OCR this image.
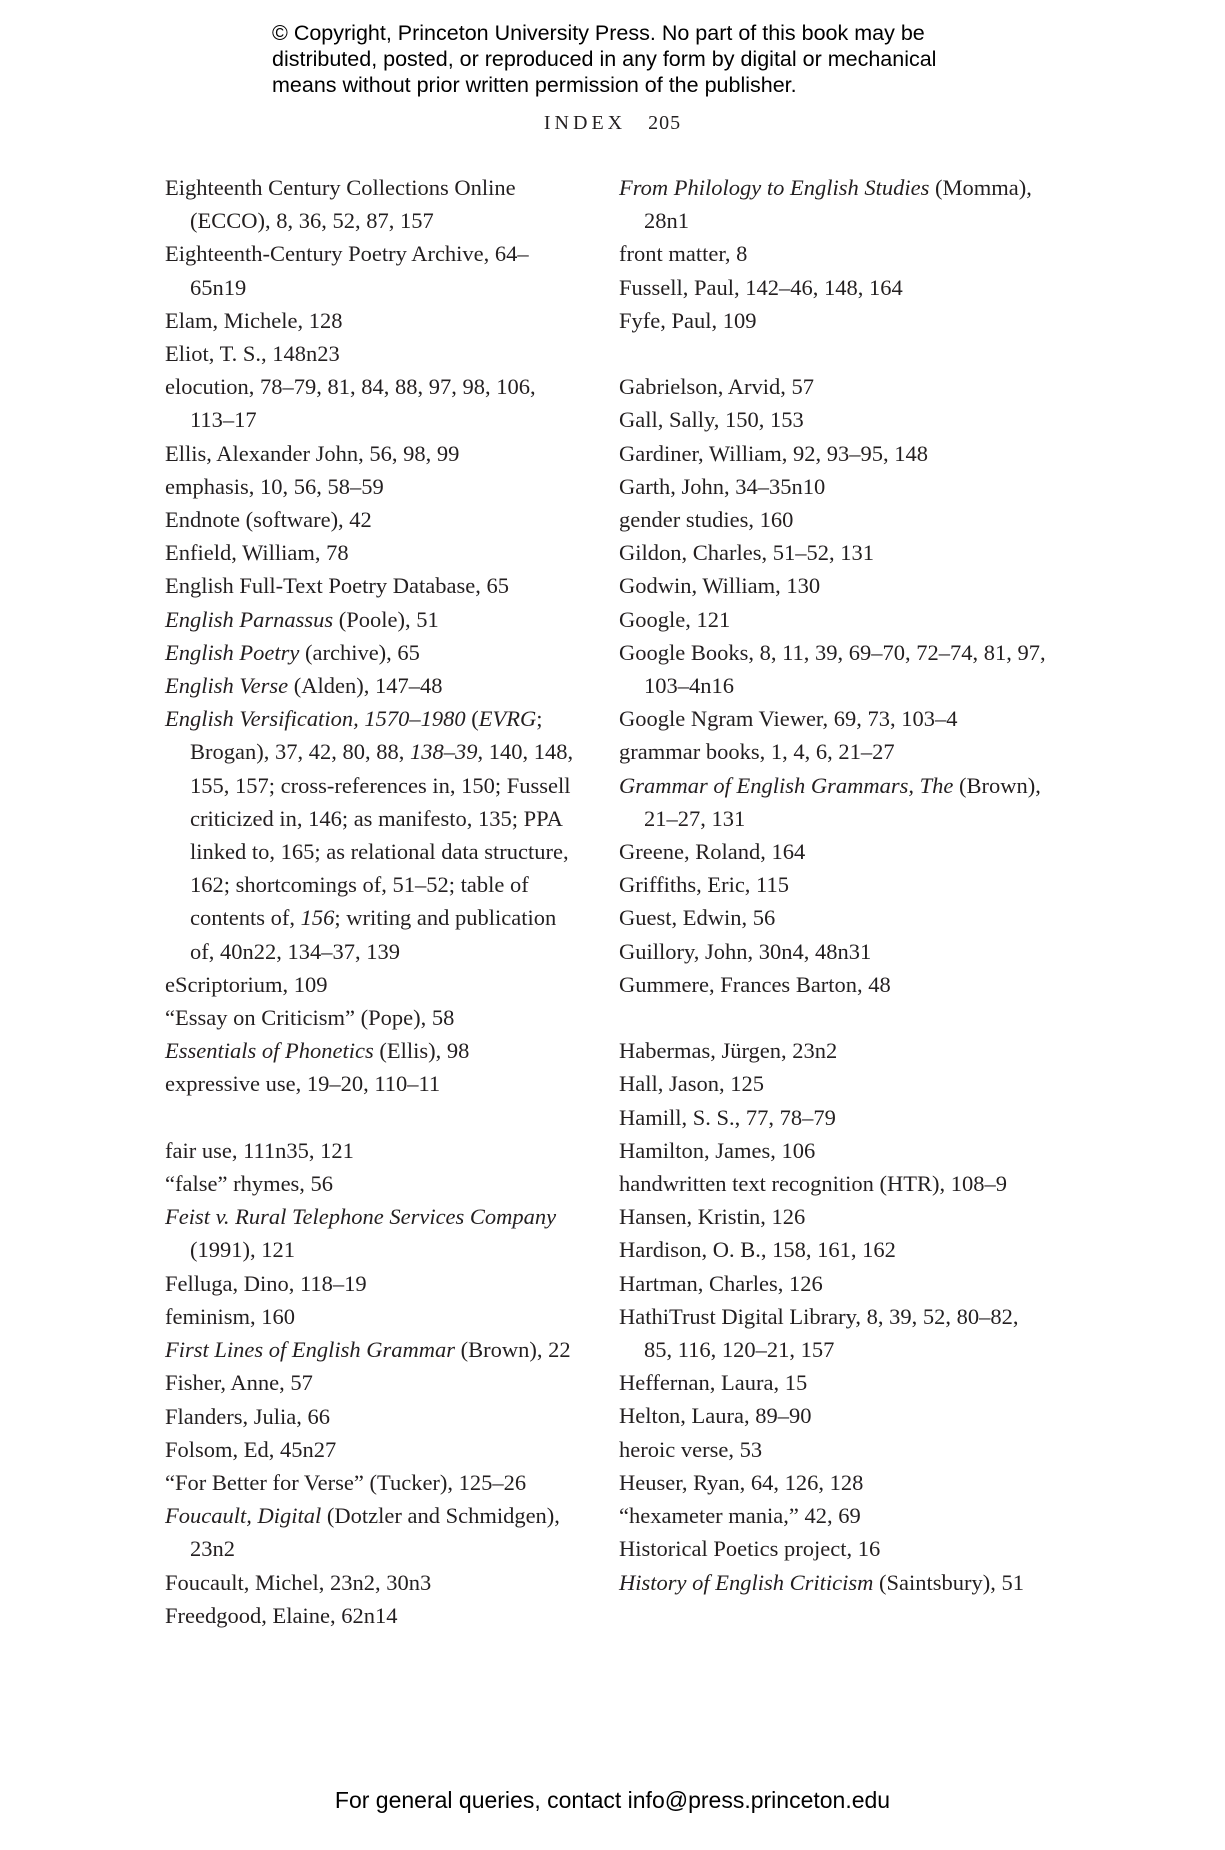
© Copyright, Princeton University Press. No part of this book may be
distributed, posted, or reproduced in any form by digital or mechanical
means without prior written permission of the publisher.
INDEX 205
Eighteenth Century Collections Online (ECCO), 8, 36, 52, 87, 157
Eighteenth-Century Poetry Archive, 64–65n19
Elam, Michele, 128
Eliot, T. S., 148n23
elocution, 78–79, 81, 84, 88, 97, 98, 106, 113–17
Ellis, Alexander John, 56, 98, 99
emphasis, 10, 56, 58–59
Endnote (software), 42
Enfield, William, 78
English Full-Text Poetry Database, 65
English Parnassus (Poole), 51
English Poetry (archive), 65
English Verse (Alden), 147–48
English Versification, 1570–1980 (EVRG; Brogan), 37, 42, 80, 88, 138–39, 140, 148, 155, 157; cross-references in, 150; Fussell criticized in, 146; as manifesto, 135; PPA linked to, 165; as relational data structure, 162; shortcomings of, 51–52; table of contents of, 156; writing and publication of, 40n22, 134–37, 139
eScriptorium, 109
“Essay on Criticism” (Pope), 58
Essentials of Phonetics (Ellis), 98
expressive use, 19–20, 110–11
fair use, 111n35, 121
“false” rhymes, 56
Feist v. Rural Telephone Services Company (1991), 121
Felluga, Dino, 118–19
feminism, 160
First Lines of English Grammar (Brown), 22
Fisher, Anne, 57
Flanders, Julia, 66
Folsom, Ed, 45n27
“For Better for Verse” (Tucker), 125–26
Foucault, Digital (Dotzler and Schmidgen), 23n2
Foucault, Michel, 23n2, 30n3
Freedgood, Elaine, 62n14
From Philology to English Studies (Momma), 28n1
front matter, 8
Fussell, Paul, 142–46, 148, 164
Fyfe, Paul, 109
Gabrielson, Arvid, 57
Gall, Sally, 150, 153
Gardiner, William, 92, 93–95, 148
Garth, John, 34–35n10
gender studies, 160
Gildon, Charles, 51–52, 131
Godwin, William, 130
Google, 121
Google Books, 8, 11, 39, 69–70, 72–74, 81, 97, 103–4n16
Google Ngram Viewer, 69, 73, 103–4
grammar books, 1, 4, 6, 21–27
Grammar of English Grammars, The (Brown), 21–27, 131
Greene, Roland, 164
Griffiths, Eric, 115
Guest, Edwin, 56
Guillory, John, 30n4, 48n31
Gummere, Frances Barton, 48
Habermas, Jürgen, 23n2
Hall, Jason, 125
Hamill, S. S., 77, 78–79
Hamilton, James, 106
handwritten text recognition (HTR), 108–9
Hansen, Kristin, 126
Hardison, O. B., 158, 161, 162
Hartman, Charles, 126
HathiTrust Digital Library, 8, 39, 52, 80–82, 85, 116, 120–21, 157
Heffernan, Laura, 15
Helton, Laura, 89–90
heroic verse, 53
Heuser, Ryan, 64, 126, 128
“hexameter mania,” 42, 69
Historical Poetics project, 16
History of English Criticism (Saintsbury), 51
For general queries, contact info@press.princeton.edu
